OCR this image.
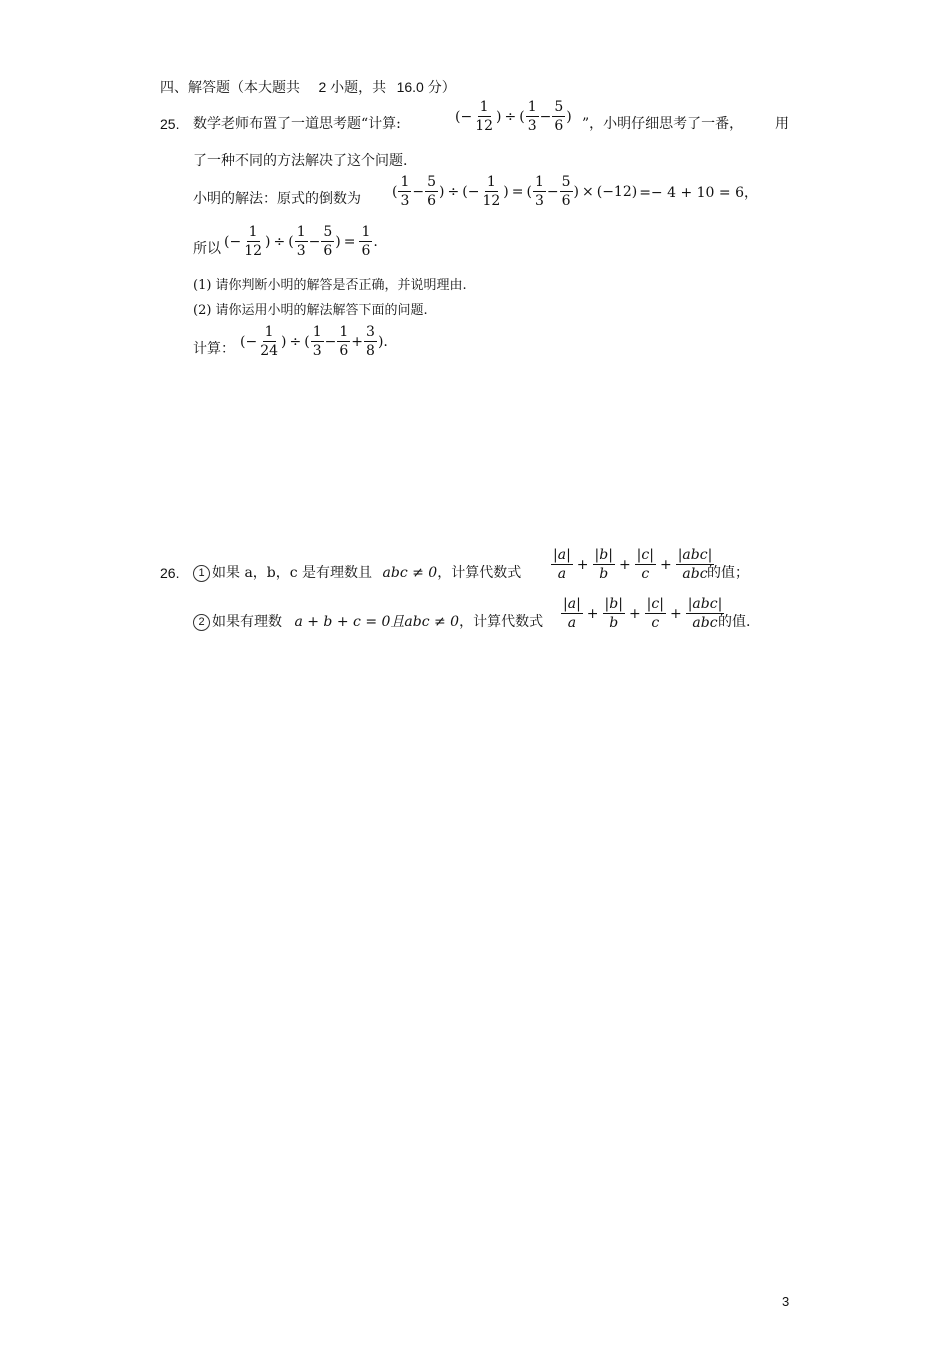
四、解答题（本大题共 2 小题，共 16.0 分）
25. 数学老师布置了一道思考题“计算:	(− $\frac{1}{12}$ ) ÷ ( $\frac{1}{3} - \frac{5}{6}$ ) ”，小明仔细思考了一番， 用
了一种不同的方法解决了这个问题.
小明的解法：原式的倒数为 ( $\frac{1}{3} - \frac{5}{6}$ ) ÷ (− $\frac{1}{12}$ ) = ( $\frac{1}{3} - \frac{5}{6}$ ) × (−12) =− 4 + 10 = 6，
所以 (− $\frac{1}{12}$ ) ÷ ( $\frac{1}{3} - \frac{5}{6}$ ) = $\frac{1}{6}$ .
(1) 请你判断小明的解答是否正确，并说明理由.
(2) 请你运用小明的解法解答下面的问题.
计算： (− $\frac{1}{24}$ ) ÷ ( $\frac{1}{3} - \frac{1}{6} + \frac{3}{8}$ ).
26.	1 如果 a，b，c 是有理数且 abc ≠ 0，计算代数式 $\frac{|a|}{a} + \frac{|b|}{b} + \frac{|c|}{c} + \frac{\text{|abc|}}{\text{abc}}$
的值；
2 如果有理数 a + b + c = 0且abc ≠ 0，计算代数式 $\frac{|a|}{a} + \frac{|b|}{b} + \frac{|c|}{c} + \frac{\text{|abc|}}{\text{abc}}$
的值.
3
